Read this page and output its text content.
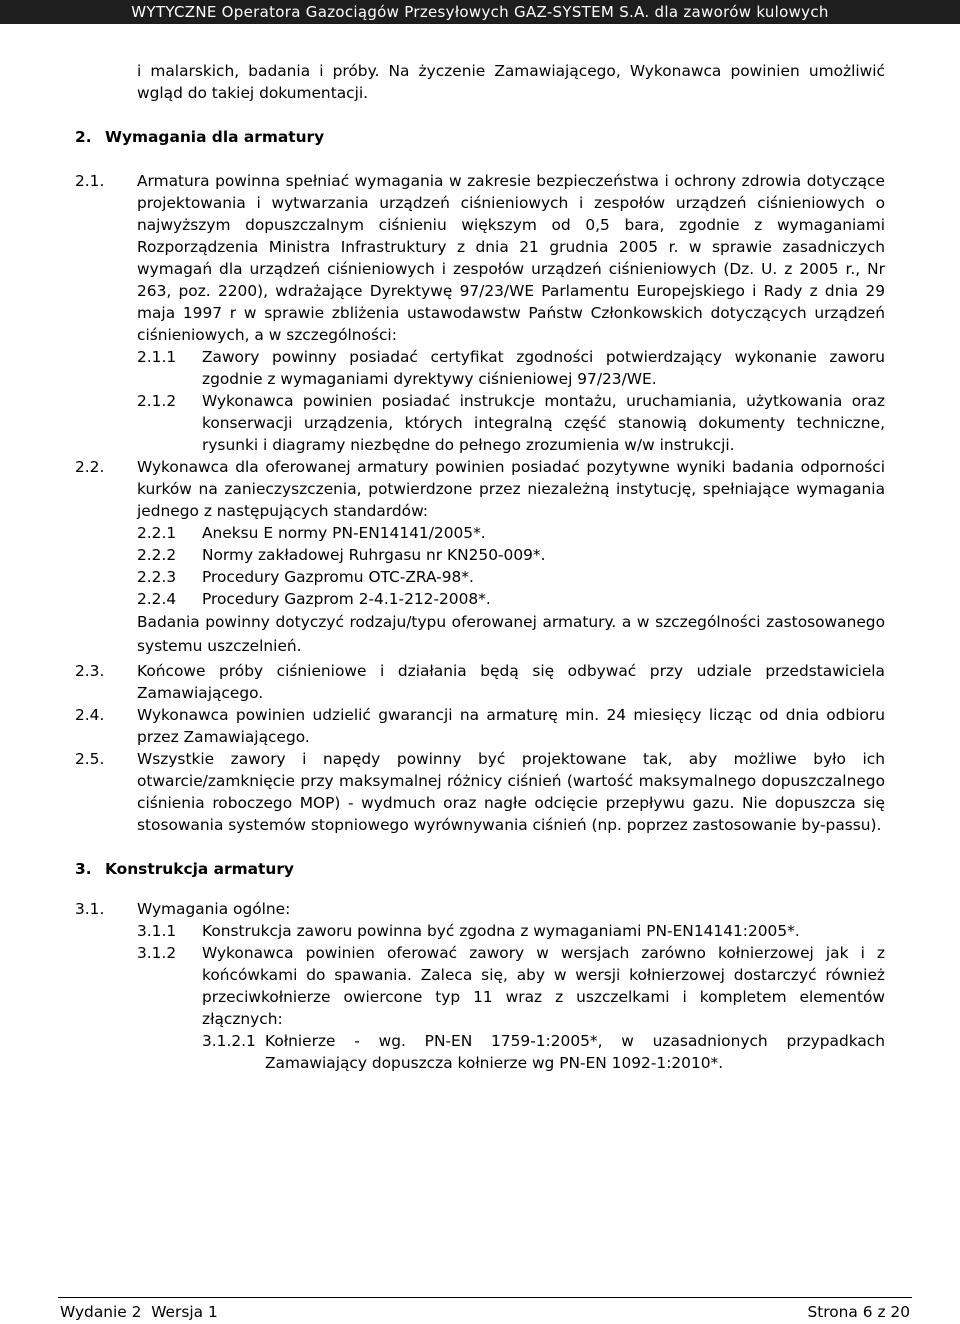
WYTYCZNE Operatora Gazociągów Przesyłowych GAZ-SYSTEM S.A. dla zaworów kulowych
i malarskich, badania i próby. Na życzenie Zamawiającego, Wykonawca powinien umożliwić wgląd do takiej dokumentacji.
2. Wymagania dla armatury
2.1.	Armatura powinna spełniać wymagania w zakresie bezpieczeństwa i ochrony zdrowia dotyczące projektowania i wytwarzania urządzeń ciśnieniowych i zespołów urządzeń ciśnieniowych o najwyższym dopuszczalnym ciśnieniu większym od 0,5 bara, zgodnie z wymaganiami Rozporządzenia Ministra Infrastruktury z dnia 21 grudnia 2005 r. w sprawie zasadniczych wymagań dla urządzeń ciśnieniowych i zespołów urządzeń ciśnieniowych (Dz. U. z 2005 r., Nr 263, poz. 2200), wdrażające Dyrektywę 97/23/WE Parlamentu Europejskiego i Rady z dnia 29 maja 1997 r w sprawie zbliżenia ustawodawstw Państw Członkowskich dotyczących urządzeń ciśnieniowych, a w szczególności:
2.1.1	Zawory powinny posiadać certyfikat zgodności potwierdzający wykonanie zaworu zgodnie z wymaganiami dyrektywy ciśnieniowej 97/23/WE.
2.1.2	Wykonawca powinien posiadać instrukcje montażu, uruchamiania, użytkowania oraz konserwacji urządzenia, których integralną część stanowią dokumenty techniczne, rysunki i diagramy niezbędne do pełnego zrozumienia w/w instrukcji.
2.2.	Wykonawca dla oferowanej armatury powinien posiadać pozytywne wyniki badania odporności kurków na zanieczyszczenia, potwierdzone przez niezależną instytucję, spełniające wymagania jednego z następujących standardów:
2.2.1	Aneksu E normy PN-EN14141/2005*.
2.2.2	Normy zakładowej Ruhrgasu nr KN250-009*.
2.2.3	Procedury Gazpromu OTC-ZRA-98*.
2.2.4	Procedury Gazprom 2-4.1-212-2008*.
Badania powinny dotyczyć rodzaju/typu oferowanej armatury. a w szczególności zastosowanego systemu uszczelnień.
2.3.	Końcowe próby ciśnieniowe i działania będą się odbywać przy udziale przedstawiciela Zamawiającego.
2.4.	Wykonawca powinien udzielić gwarancji na armaturę min. 24 miesięcy licząc od dnia odbioru przez Zamawiającego.
2.5.	Wszystkie zawory i napędy powinny być projektowane tak, aby możliwe było ich otwarcie/zamknięcie przy maksymalnej różnicy ciśnień (wartość maksymalnego dopuszczalnego ciśnienia roboczego MOP) - wydmuch oraz nagłe odcięcie przepływu gazu. Nie dopuszcza się stosowania systemów stopniowego wyrównywania ciśnień (np. poprzez zastosowanie by-passu).
3. Konstrukcja armatury
3.1.	Wymagania ogólne:
3.1.1	Konstrukcja zaworu powinna być zgodna z wymaganiami PN-EN14141:2005*.
3.1.2	Wykonawca powinien oferować zawory w wersjach zarówno kołnierzowej jak i z końcówkami do spawania. Zaleca się, aby w wersji kołnierzowej dostarczyć również przeciwkołnierze owiercone typ 11 wraz z uszczelkami i kompletem elementów złącznych:
3.1.2.1 Kołnierze - wg. PN-EN 1759-1:2005*, w uzasadnionych przypadkach Zamawiający dopuszcza kołnierze wg PN-EN 1092-1:2010*.
Wydanie 2  Wersja 1	Strona 6 z 20
